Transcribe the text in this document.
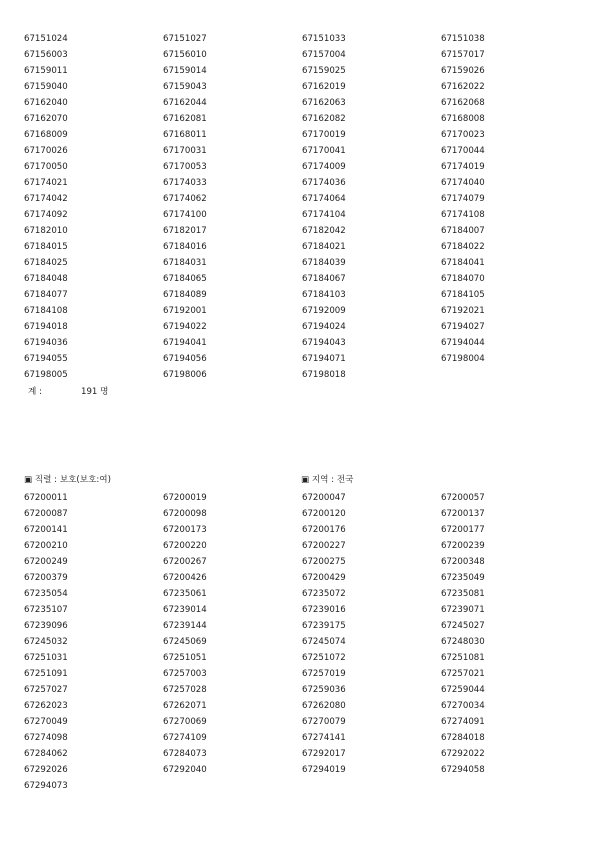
67151024	67151027	67151033	67151038
67156003	67156010	67157004	67157017
67159011	67159014	67159025	67159026
67159040	67159043	67162019	67162022
67162040	67162044	67162063	67162068
67162070	67162081	67162082	67168008
67168009	67168011	67170019	67170023
67170026	67170031	67170041	67170044
67170050	67170053	67174009	67174019
67174021	67174033	67174036	67174040
67174042	67174062	67174064	67174079
67174092	67174100	67174104	67174108
67182010	67182017	67182042	67184007
67184015	67184016	67184021	67184022
67184025	67184031	67184039	67184041
67184048	67184065	67184067	67184070
67184077	67184089	67184103	67184105
67184108	67192001	67192009	67192021
67194018	67194022	67194024	67194027
67194036	67194041	67194043	67194044
67194055	67194056	67194071	67198004
67198005	67198006	67198018
계 :	191 명
▣ 직렬 : 보호(보호:여)	▣ 지역 : 전국
67200011	67200019	67200047	67200057
67200087	67200098	67200120	67200137
67200141	67200173	67200176	67200177
67200210	67200220	67200227	67200239
67200249	67200267	67200275	67200348
67200379	67200426	67200429	67235049
67235054	67235061	67235072	67235081
67235107	67239014	67239016	67239071
67239096	67239144	67239175	67245027
67245032	67245069	67245074	67248030
67251031	67251051	67251072	67251081
67251091	67257003	67257019	67257021
67257027	67257028	67259036	67259044
67262023	67262071	67262080	67270034
67270049	67270069	67270079	67274091
67274098	67274109	67274141	67284018
67284062	67284073	67292017	67292022
67292026	67292040	67294019	67294058
67294073
